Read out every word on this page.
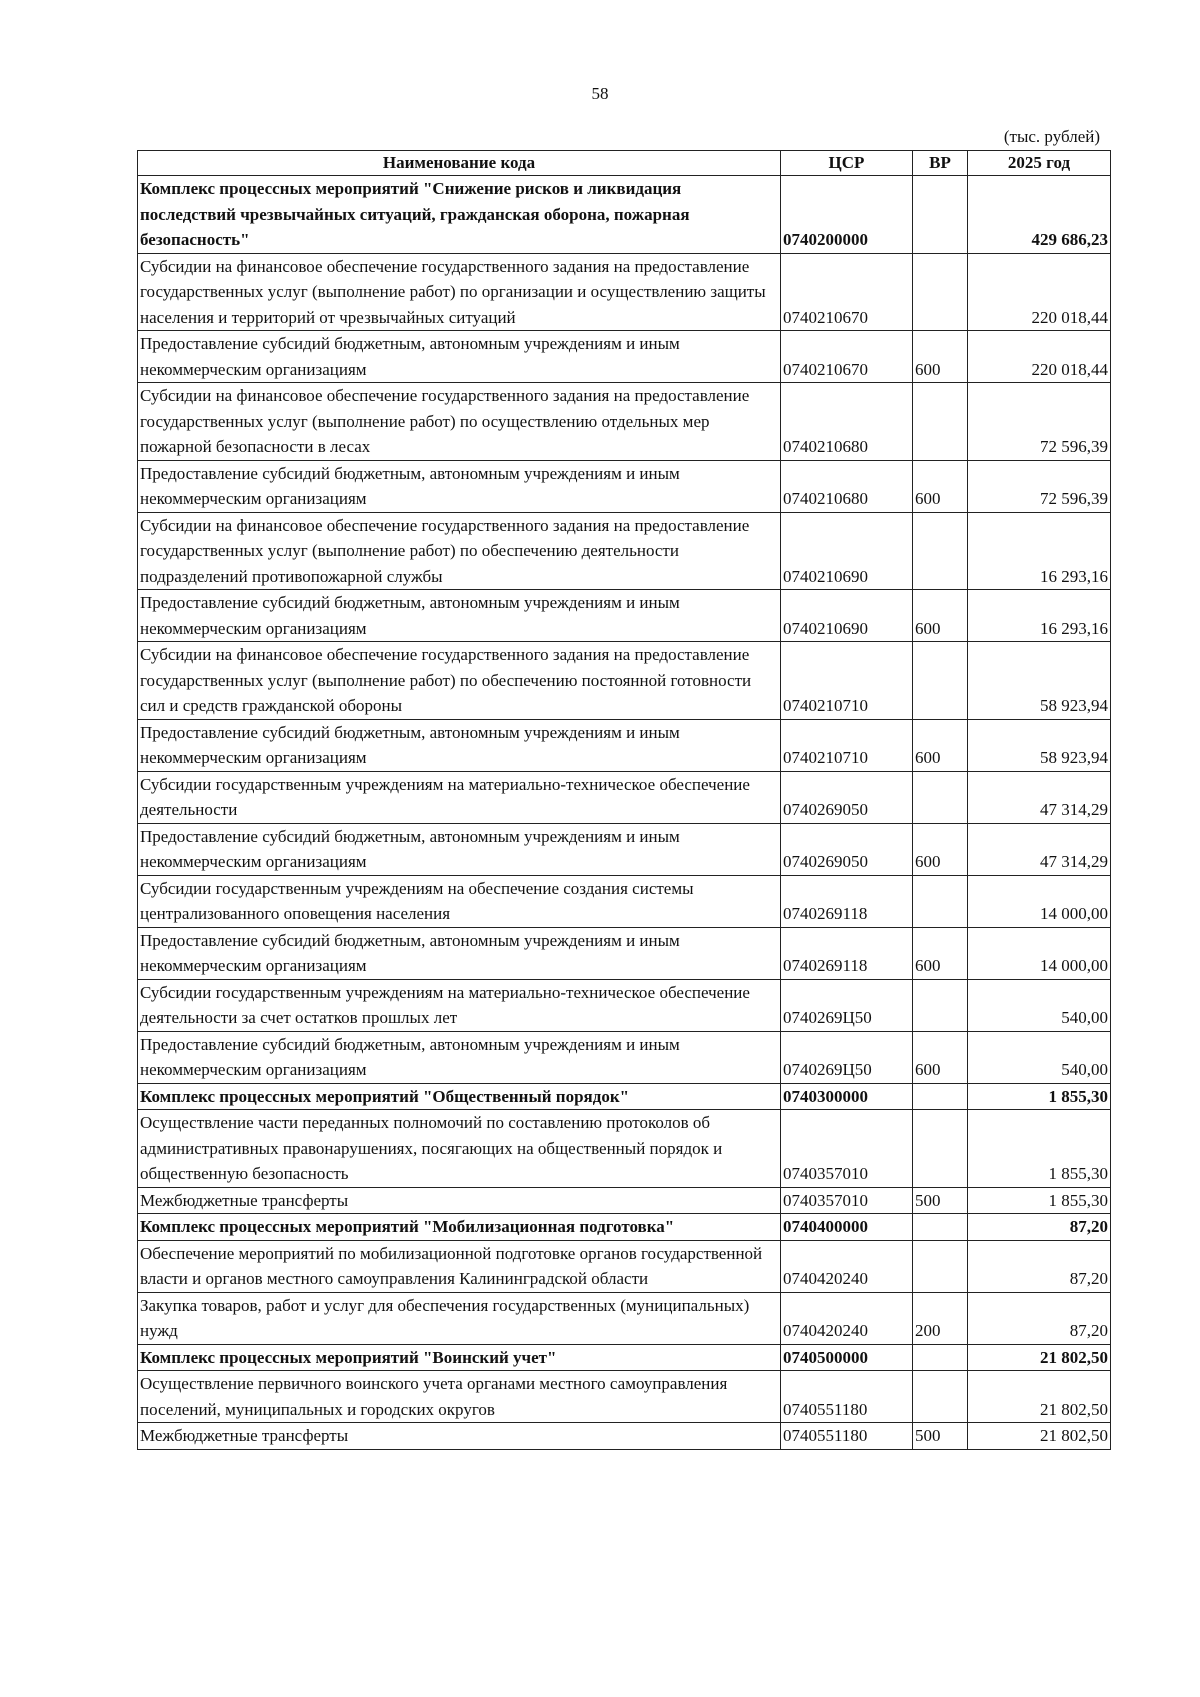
58
(тыс. рублей)
Наименование кода	ЦСР	ВР	2025 год
Комплекс процессных мероприятий "Снижение рисков и ликвидация последствий чрезвычайных ситуаций, гражданская оборона, пожарная безопасность"	0740200000		429 686,23
Субсидии на финансовое обеспечение государственного задания на предоставление государственных услуг (выполнение работ) по организации и осуществлению защиты населения и территорий от чрезвычайных ситуаций	0740210670		220 018,44
Предоставление субсидий бюджетным, автономным учреждениям и иным некоммерческим организациям	0740210670	600	220 018,44
Субсидии на финансовое обеспечение государственного задания на предоставление государственных услуг (выполнение работ) по осуществлению отдельных мер пожарной безопасности в лесах	0740210680		72 596,39
Предоставление субсидий бюджетным, автономным учреждениям и иным некоммерческим организациям	0740210680	600	72 596,39
Субсидии на финансовое обеспечение государственного задания на предоставление государственных услуг (выполнение работ) по обеспечению деятельности подразделений противопожарной службы	0740210690		16 293,16
Предоставление субсидий бюджетным, автономным учреждениям и иным некоммерческим организациям	0740210690	600	16 293,16
Субсидии на финансовое обеспечение государственного задания на предоставление государственных услуг (выполнение работ) по обеспечению постоянной готовности сил и средств гражданской обороны	0740210710		58 923,94
Предоставление субсидий бюджетным, автономным учреждениям и иным некоммерческим организациям	0740210710	600	58 923,94
Субсидии государственным учреждениям на материально-техническое обеспечение деятельности	0740269050		47 314,29
Предоставление субсидий бюджетным, автономным учреждениям и иным некоммерческим организациям	0740269050	600	47 314,29
Субсидии государственным учреждениям на обеспечение создания системы централизованного оповещения населения	0740269118		14 000,00
Предоставление субсидий бюджетным, автономным учреждениям и иным некоммерческим организациям	0740269118	600	14 000,00
Субсидии государственным учреждениям на материально-техническое обеспечение деятельности за счет остатков прошлых лет	0740269Ц50		540,00
Предоставление субсидий бюджетным, автономным учреждениям и иным некоммерческим организациям	0740269Ц50	600	540,00
Комплекс процессных мероприятий "Общественный порядок"	0740300000		1 855,30
Осуществление части переданных полномочий по составлению протоколов об административных правонарушениях, посягающих на общественный порядок и общественную безопасность	0740357010		1 855,30
Межбюджетные трансферты	0740357010	500	1 855,30
Комплекс процессных мероприятий "Мобилизационная подготовка"	0740400000		87,20
Обеспечение мероприятий по мобилизационной подготовке органов государственной власти и органов местного самоуправления Калининградской области	0740420240		87,20
Закупка товаров, работ и услуг для обеспечения государственных (муниципальных) нужд	0740420240	200	87,20
Комплекс процессных мероприятий "Воинский учет"	0740500000		21 802,50
Осуществление первичного воинского учета органами местного самоуправления поселений, муниципальных и городских округов	0740551180		21 802,50
Межбюджетные трансферты	0740551180	500	21 802,50
